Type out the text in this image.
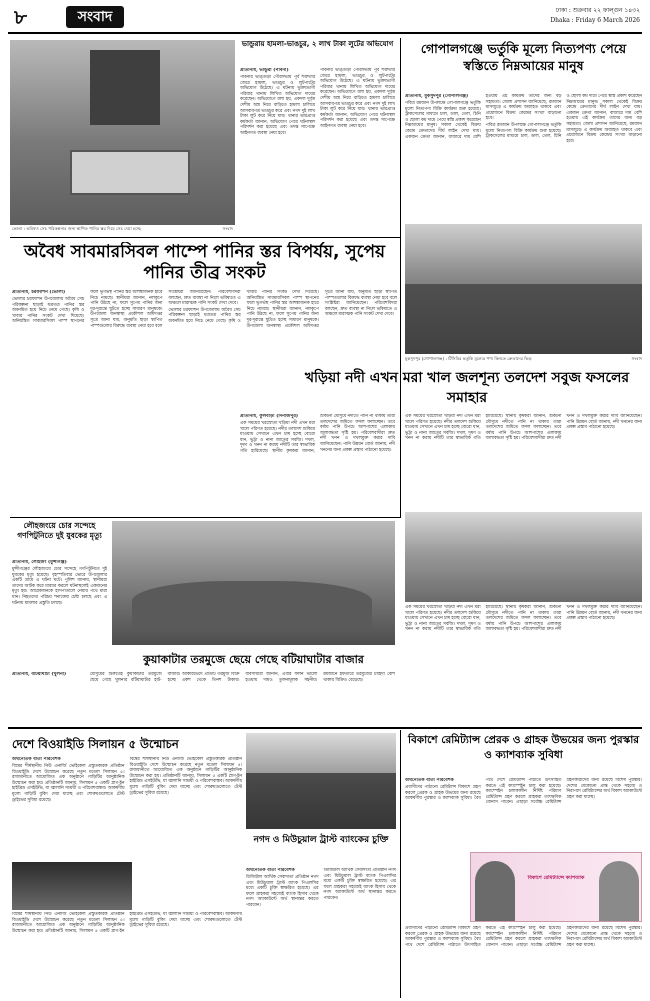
৮	সংবাদ	ঢাকা : শুক্রবার ২২ ফাল্গুন ১৪৩২
Dhaka : Friday 6 March 2026
ভোলা : ভবিষ্যৎ সেচ পরিকল্পনার জন্য স্থাপিত পানির স্তর দিয়ে সেচ দেয়া হচ্ছে	সংবাদ
অবৈধ সাবমারসিবল পাম্পে পানির স্তর বিপর্যয়, সুপেয় পানির তীব্র সংকট
প্রতিনিধি, চরফ্যাশন (ভোলা)

ভোলার চরফ্যাশন উপজেলায় অবৈধ সেচ পরিকল্পনা ছাড়াই যত্রতত্র পানির স্তর অবনমিত হয়ে নিচে নেমে গেছে। কৃষি ও খাবার পানির সংকট দেখা দিয়েছে। অনিয়ন্ত্রিত সাবমারসিবল পাম্প স্থাপনের ফলে ভূগর্ভস্থ পানির স্তর আশঙ্কাজনক হারে নিচে নামছে। স্থানীয়রা জানান, নলকূপে পানি উঠছে না, ফলে সুপেয় পানির জন্য দূর-দূরান্তে ছুটতে হচ্ছে সাধারণ মানুষকে। উপজেলা জনস্বাস্থ্য প্রকৌশল অধিদপ্তর সূত্রে জানা যায়, অনুমতি ছাড়া স্থাপিত পাম্পগুলোর বিরুদ্ধে ব্যবস্থা নেয়া হবে বলে সংশ্লিষ্টরা জানিয়েছেন। পরিবেশবিদরা বলছেন, দ্রুত ব্যবস্থা না নিলে ভবিষ্যতে এ অঞ্চলে মারাত্মক পানি সংকট দেখা দেবে।

ভোলার চরফ্যাশন উপজেলায় অবৈধ সেচ পরিকল্পনা ছাড়াই যত্রতত্র পানির স্তর অবনমিত হয়ে নিচে নেমে গেছে। কৃষি ও খাবার পানির সংকট দেখা দিয়েছে। অনিয়ন্ত্রিত সাবমারসিবল পাম্প স্থাপনের ফলে ভূগর্ভস্থ পানির স্তর আশঙ্কাজনক হারে নিচে নামছে। স্থানীয়রা জানান, নলকূপে পানি উঠছে না, ফলে সুপেয় পানির জন্য দূর-দূরান্তে ছুটতে হচ্ছে সাধারণ মানুষকে। উপজেলা জনস্বাস্থ্য প্রকৌশল অধিদপ্তর সূত্রে জানা যায়, অনুমতি ছাড়া স্থাপিত পাম্পগুলোর বিরুদ্ধে ব্যবস্থা নেয়া হবে বলে সংশ্লিষ্টরা জানিয়েছেন। পরিবেশবিদরা বলছেন, দ্রুত ব্যবস্থা না নিলে ভবিষ্যতে এ অঞ্চলে মারাত্মক পানি সংকট দেখা দেবে।

ভান্ডুরায় হামলা-ভাঙচুর, ২ লাখ টাকা লুটের অভিযোগ
প্রতিনিধি, ভান্ডুরা (পাবনা)

পাবনার ভাঙ্গুড়া পৌরসভায় পূর্ব শত্রুতার জেরে হামলা, ভাঙচুর ও লুটপাটের অভিযোগ উঠেছে। এ ঘটনায় ভুক্তভোগী পরিবার থানায় লিখিত অভিযোগ দায়ের করেছেন। অভিযোগে বলা হয়, একদল দুর্বৃত্ত দেশীয় অস্ত্র নিয়ে বাড়িতে হামলা চালিয়ে আসবাবপত্র ভাঙচুর করে এবং নগদ দুই লাখ টাকা লুট করে নিয়ে যায়। থানার ভারপ্রাপ্ত কর্মকর্তা জানান, অভিযোগ পেয়ে ঘটনাস্থল পরিদর্শন করা হয়েছে এবং তদন্ত সাপেক্ষে আইনগত ব্যবস্থা নেয়া হবে।

পাবনার ভাঙ্গুড়া পৌরসভায় পূর্ব শত্রুতার জেরে হামলা, ভাঙচুর ও লুটপাটের অভিযোগ উঠেছে। এ ঘটনায় ভুক্তভোগী পরিবার থানায় লিখিত অভিযোগ দায়ের করেছেন। অভিযোগে বলা হয়, একদল দুর্বৃত্ত দেশীয় অস্ত্র নিয়ে বাড়িতে হামলা চালিয়ে আসবাবপত্র ভাঙচুর করে এবং নগদ দুই লাখ টাকা লুট করে নিয়ে যায়। থানার ভারপ্রাপ্ত কর্মকর্তা জানান, অভিযোগ পেয়ে ঘটনাস্থল পরিদর্শন করা হয়েছে এবং তদন্ত সাপেক্ষে আইনগত ব্যবস্থা নেয়া হবে।

গোপালগঞ্জে ভর্তুকি মূল্যে নিত্যপণ্য পেয়ে স্বস্তিতে নিম্নআয়ের মানুষ
প্রতিনিধি, মুকসুদপুর (গোপালগঞ্জ)

পবিত্র রমজান উপলক্ষে গোপালগঞ্জে ভর্তুকি মূল্যে নিত্যপণ্য বিক্রি কার্যক্রম শুরু হয়েছে। ট্রাকসেলের মাধ্যমে চাল, ডাল, তেল, চিনি ও ছোলা কম দামে পেয়ে স্বস্তি প্রকাশ করেছেন নিম্নআয়ের মানুষ। সকাল থেকেই বিক্রয় কেন্দ্রে ক্রেতাদের দীর্ঘ লাইন দেখা যায়। একজন ক্রেতা জানান, বাজারে দাম বেশি হওয়ায় এই কার্যক্রম তাদের জন্য বড় সহায়তা। জেলা প্রশাসন জানিয়েছে, রমজান মাসজুড়ে এ কার্যক্রম অব্যাহত থাকবে এবং প্রয়োজনে বিক্রয় কেন্দ্রের সংখ্যা বাড়ানো হবে।

পবিত্র রমজান উপলক্ষে গোপালগঞ্জে ভর্তুকি মূল্যে নিত্যপণ্য বিক্রি কার্যক্রম শুরু হয়েছে। ট্রাকসেলের মাধ্যমে চাল, ডাল, তেল, চিনি ও ছোলা কম দামে পেয়ে স্বস্তি প্রকাশ করেছেন নিম্নআয়ের মানুষ। সকাল থেকেই বিক্রয় কেন্দ্রে ক্রেতাদের দীর্ঘ লাইন দেখা যায়। একজন ক্রেতা জানান, বাজারে দাম বেশি হওয়ায় এই কার্যক্রম তাদের জন্য বড় সহায়তা। জেলা প্রশাসন জানিয়েছে, রমজান মাসজুড়ে এ কার্যক্রম অব্যাহত থাকবে এবং প্রয়োজনে বিক্রয় কেন্দ্রের সংখ্যা বাড়ানো হবে।

মুকসুদপুর (গোপালগঞ্জ) : টিসিবির ভর্তুকি মূল্যের পণ্য কিনতে ক্রেতাদের ভিড়	সংবাদ
খড়িয়া নদী এখন মরা খাল জলশূন্য তলদেশ সবুজ ফসলের সমাহার
প্রতিনিধি, ফুলবাড়ী (দিনাজপুর)

এক সময়ের খরস্রোতা খড়িয়া নদী এখন মরা খালে পরিণত হয়েছে। নদীর তলদেশ শুকিয়ে যাওয়ায় সেখানে এখন চাষ হচ্ছে বোরো ধান, ভুট্টা ও নানা জাতের সবজি। দখল, দূষণ ও খনন না করায় নদীটি তার স্বাভাবিক গতি হারিয়েছে। স্থানীয় কৃষকরা জানান, শুকনো মৌসুমে নদীতে পানি না থাকায় তারা তলদেশের জমিতে ফসল ফলাচ্ছেন। তবে বর্ষায় পানি উপচে আশপাশের এলাকায় জলাবদ্ধতা সৃষ্টি হয়। পরিবেশবাদীরা দ্রুত নদী খনন ও দখলমুক্ত করার দাবি জানিয়েছেন। পানি উন্নয়ন বোর্ড জানায়, নদী খননের জন্য প্রকল্প প্রস্তাব পাঠানো হয়েছে।

এক সময়ের খরস্রোতা খড়িয়া নদী এখন মরা খালে পরিণত হয়েছে। নদীর তলদেশ শুকিয়ে যাওয়ায় সেখানে এখন চাষ হচ্ছে বোরো ধান, ভুট্টা ও নানা জাতের সবজি। দখল, দূষণ ও খনন না করায় নদীটি তার স্বাভাবিক গতি হারিয়েছে। স্থানীয় কৃষকরা জানান, শুকনো মৌসুমে নদীতে পানি না থাকায় তারা তলদেশের জমিতে ফসল ফলাচ্ছেন। তবে বর্ষায় পানি উপচে আশপাশের এলাকায় জলাবদ্ধতা সৃষ্টি হয়। পরিবেশবাদীরা দ্রুত নদী খনন ও দখলমুক্ত করার দাবি জানিয়েছেন। পানি উন্নয়ন বোর্ড জানায়, নদী খননের জন্য প্রকল্প প্রস্তাব পাঠানো হয়েছে।

এক সময়ের খরস্রোতা খড়িয়া নদী এখন মরা খালে পরিণত হয়েছে। নদীর তলদেশ শুকিয়ে যাওয়ায় সেখানে এখন চাষ হচ্ছে বোরো ধান, ভুট্টা ও নানা জাতের সবজি। দখল, দূষণ ও খনন না করায় নদীটি তার স্বাভাবিক গতি হারিয়েছে। স্থানীয় কৃষকরা জানান, শুকনো মৌসুমে নদীতে পানি না থাকায় তারা তলদেশের জমিতে ফসল ফলাচ্ছেন। তবে বর্ষায় পানি উপচে আশপাশের এলাকায় জলাবদ্ধতা সৃষ্টি হয়। পরিবেশবাদীরা দ্রুত নদী খনন ও দখলমুক্ত করার দাবি জানিয়েছেন। পানি উন্নয়ন বোর্ড জানায়, নদী খননের জন্য প্রকল্প প্রস্তাব পাঠানো হয়েছে।

লৌহজংয়ে চোর সন্দেহে গণপিটুনিতে দুই যুবকের মৃত্যু
প্রতিনিধি, লৌহজং (মুন্সীগঞ্জ)

মুন্সীগঞ্জের লৌহজংয়ে চোর সন্দেহে গণপিটুনিতে দুই যুবকের মৃত্যু হয়েছে। বৃহস্পতিবার ভোরে উপজেলার একটি গ্রামে এ ঘটনা ঘটে। পুলিশ জানায়, স্থানীয়রা তাদের আটক করে মারধর করলে ঘটনাস্থলেই একজনের মৃত্যু হয়। আরেকজনকে হাসপাতালে নেয়ার পথে মারা যান। নিহতদের পরিচয় শনাক্তের চেষ্টা চলছে এবং এ ঘটনায় মামলার প্রস্তুতি চলছে।

কুয়াকাটার তরমুজে ছেয়ে গেছে বটিয়াঘাটার বাজার
প্রতিনিধি, বটিয়াঘাটা (খুলনা)	মৌসুমের শুরুতেই কুয়াকাটার তরমুজে ছেয়ে গেছে খুলনার বটিয়াঘাটার হাট-বাজার। আকারভেদে প্রতিটি তরমুজ বিক্রি হচ্ছে একশ থেকে তিনশ টাকায়। ব্যবসায়ীরা জানান, এবার ফলন ভালো হওয়ায় দামও তুলনামূলক সহনীয়। রমজানে ইফতারে তরমুজের চাহিদা বেশি থাকায় বিক্রিও বেড়েছে।

দেশে বিওয়াইডি সিলায়ন ৫ উন্মোচন
অর্থনৈতিক বার্তা পরিবেশক

বিশ্বের শীর্ষস্থানীয় নিউ এনার্জি ভেহিকেল প্রস্তুতকারক প্রতিষ্ঠান বিওয়াইডি দেশে উন্মোচন করেছে নতুন মডেল সিলায়ন ৫। রাজধানীতে আয়োজিত এক অনুষ্ঠানে গাড়িটির আনুষ্ঠানিক উন্মোচন করা হয়। প্রতিষ্ঠানটি জানায়, সিলায়ন ৫ একটি প্লাগ-ইন হাইব্রিড এসইউভি, যা জ্বালানি সাশ্রয়ী ও পরিবেশবান্ধব। আকর্ষণীয় মূল্যে গাড়িটি বুকিং দেয়া যাচ্ছে এবং শোরুমগুলোতে টেস্ট ড্রাইভের সুবিধা রয়েছে।

বিশ্বের শীর্ষস্থানীয় নিউ এনার্জি ভেহিকেল প্রস্তুতকারক প্রতিষ্ঠান বিওয়াইডি দেশে উন্মোচন করেছে নতুন মডেল সিলায়ন ৫। রাজধানীতে আয়োজিত এক অনুষ্ঠানে গাড়িটির আনুষ্ঠানিক উন্মোচন করা হয়। প্রতিষ্ঠানটি জানায়, সিলায়ন ৫ একটি প্লাগ-ইন হাইব্রিড এসইউভি, যা জ্বালানি সাশ্রয়ী ও পরিবেশবান্ধব। আকর্ষণীয় মূল্যে গাড়িটি বুকিং দেয়া যাচ্ছে এবং শোরুমগুলোতে টেস্ট ড্রাইভের সুবিধা রয়েছে।

বিশ্বের শীর্ষস্থানীয় নিউ এনার্জি ভেহিকেল প্রস্তুতকারক প্রতিষ্ঠান বিওয়াইডি দেশে উন্মোচন করেছে নতুন মডেল সিলায়ন ৫। রাজধানীতে আয়োজিত এক অনুষ্ঠানে গাড়িটির আনুষ্ঠানিক উন্মোচন করা হয়। প্রতিষ্ঠানটি জানায়, সিলায়ন ৫ একটি প্লাগ-ইন হাইব্রিড এসইউভি, যা জ্বালানি সাশ্রয়ী ও পরিবেশবান্ধব। আকর্ষণীয় মূল্যে গাড়িটি বুকিং দেয়া যাচ্ছে এবং শোরুমগুলোতে টেস্ট ড্রাইভের সুবিধা রয়েছে।

নগদ ও মিউচুয়াল ট্রাস্ট ব্যাংকের চুক্তি
অর্থনৈতিক বার্তা পরিবেশক

ডিজিটাল আর্থিক সেবাদাতা প্রতিষ্ঠান নগদ এবং মিউচুয়াল ট্রাস্ট ব্যাংক পিএলসির মধ্যে একটি চুক্তি স্বাক্ষরিত হয়েছে। এর ফলে গ্রাহকরা সহজেই ব্যাংক হিসাব থেকে নগদ অ্যাকাউন্টে অর্থ স্থানান্তর করতে পারবেন।

ডিজিটাল আর্থিক সেবাদাতা প্রতিষ্ঠান নগদ এবং মিউচুয়াল ট্রাস্ট ব্যাংক পিএলসির মধ্যে একটি চুক্তি স্বাক্ষরিত হয়েছে। এর ফলে গ্রাহকরা সহজেই ব্যাংক হিসাব থেকে নগদ অ্যাকাউন্টে অর্থ স্থানান্তর করতে পারবেন।

বিকাশে রেমিট্যান্স প্রেরক ও গ্রাহক উভয়ের জন্য পুরস্কার ও ক্যাশব্যাক সুবিধা
অর্থনৈতিক বার্তা পরিবেশক

প্রবাসীদের পাঠানো রেমিট্যান্স বিকাশে গ্রহণ করলে প্রেরক ও গ্রাহক উভয়ের জন্য রয়েছে আকর্ষণীয় পুরস্কার ও ক্যাশব্যাক সুবিধা। বৈধ পথে দেশে রেমিট্যান্স পাঠাতে উৎসাহিত করতে এই ক্যাম্পেইন চালু করা হয়েছে। ক্যাম্পেইন চলাকালীন নির্দিষ্ট পরিমাণ রেমিট্যান্স গ্রহণ করলে গ্রাহকরা তাৎক্ষণিক বোনাস পাবেন। এছাড়া সর্বোচ্চ রেমিট্যান্স গ্রহণকারীদের জন্য রয়েছে বিশেষ পুরস্কার। দেশের যেকোনো প্রান্ত থেকে সহজে ও নিরাপদে রেমিট্যান্সের অর্থ বিকাশ অ্যাকাউন্টে গ্রহণ করা যাচ্ছে।

বিকাশে রেমিট্যান্সে ক্যাশব্যাক

প্রবাসীদের পাঠানো রেমিট্যান্স বিকাশে গ্রহণ করলে প্রেরক ও গ্রাহক উভয়ের জন্য রয়েছে আকর্ষণীয় পুরস্কার ও ক্যাশব্যাক সুবিধা। বৈধ পথে দেশে রেমিট্যান্স পাঠাতে উৎসাহিত করতে এই ক্যাম্পেইন চালু করা হয়েছে। ক্যাম্পেইন চলাকালীন নির্দিষ্ট পরিমাণ রেমিট্যান্স গ্রহণ করলে গ্রাহকরা তাৎক্ষণিক বোনাস পাবেন। এছাড়া সর্বোচ্চ রেমিট্যান্স গ্রহণকারীদের জন্য রয়েছে বিশেষ পুরস্কার। দেশের যেকোনো প্রান্ত থেকে সহজে ও নিরাপদে রেমিট্যান্সের অর্থ বিকাশ অ্যাকাউন্টে গ্রহণ করা যাচ্ছে।
